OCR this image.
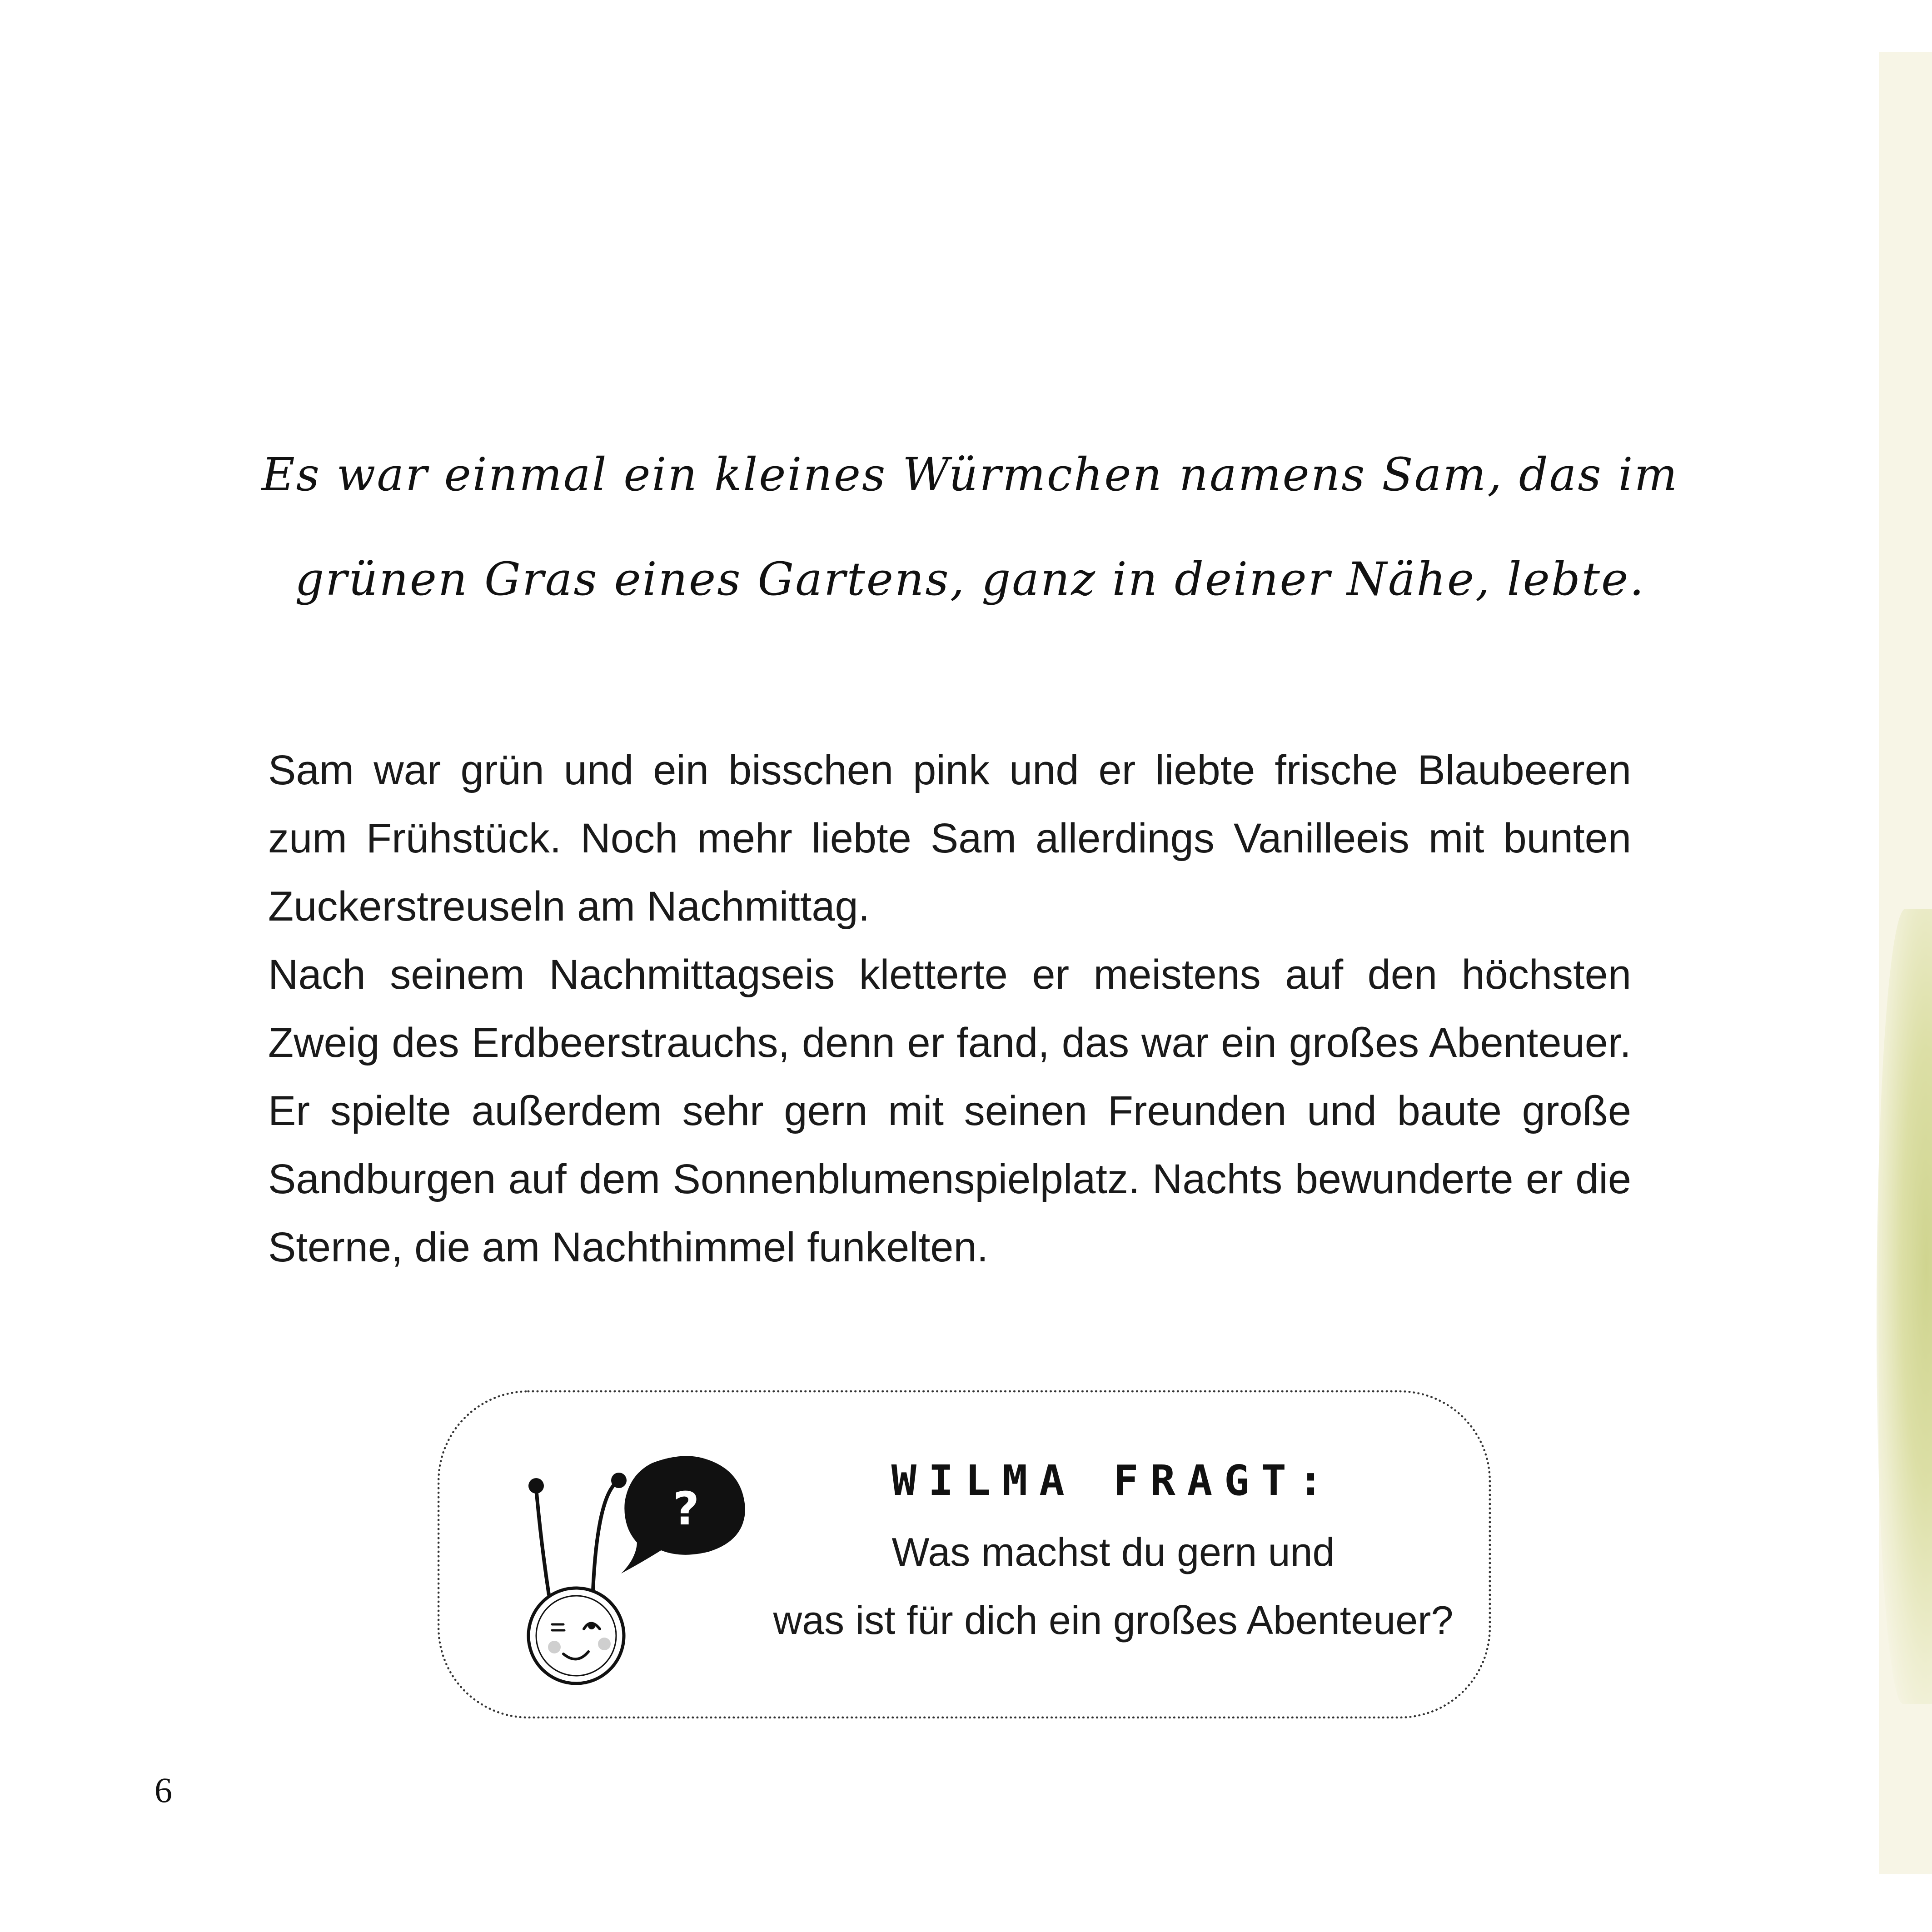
Es war einmal ein kleines Würmchen namens Sam, das im
grünen Gras eines Gartens, ganz in deiner Nähe, lebte.

Sam war grün und ein bisschen pink und er liebte frische Blaubeeren zum Frühstück. Noch mehr liebte Sam allerdings Vanilleeis mit bunten Zuckerstreuseln am Nachmittag.

Nach seinem Nachmittagseis kletterte er meistens auf den höchsten Zweig des Erdbeerstrauchs, denn er fand, das war ein großes Abenteuer. Er spielte außerdem sehr gern mit seinen Freunden und baute große Sandburgen auf dem Sonnenblumenspielplatz. Nachts bewunderte er die Sterne, die am Nachthimmel funkelten.

?
WILMA FRAGT:
Was machst du gern und
was ist für dich ein großes Abenteuer?
6
